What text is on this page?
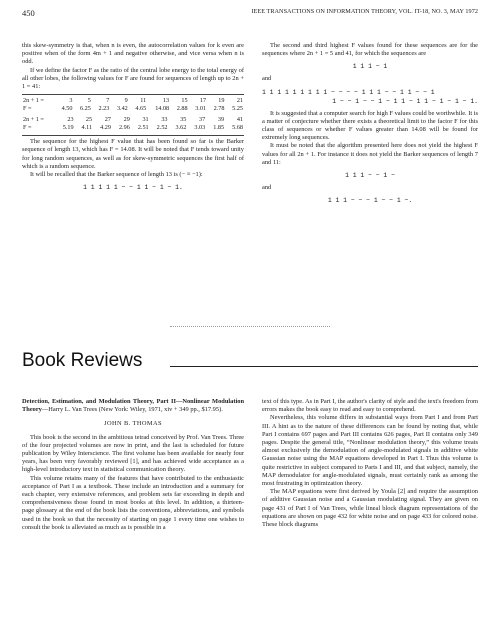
450	IEEE TRANSACTIONS ON INFORMATION THEORY, VOL. IT-18, NO. 3, MAY 1972

this skew-symmetry is that, when n is even, the autocorrelation values for k even are positive when of the form 4m + 1 and negative otherwise, and vice versa when n is odd.

If we define the factor F as the ratio of the central lobe energy to the total energy of all other lobes, the following values for F are found for sequences of length up to 2n + 1 = 41:

2n + 1 =	3	5	7	9	11	13	15	17	19	21
F =	4.50	6.25	2.23	3.42	4.65	14.08	2.88	3.01	2.78	5.25
2n + 1 =	23	25	27	29	31	33	35	37	39	41
F =	5.19	4.11	4.29	2.96	2.51	2.52	3.62	3.03	1.85	5.68

The sequence for the highest F value that has been found so far is the Barker sequence of length 13, which has F = 14.08. It will be noted that F tends toward unity for long random sequences, as well as for skew-symmetric sequences the first half of which is a random sequence.

It will be recalled that the Barker sequence of length 13 is (− ≡ −1):

1 1 1 1 1 − − 1 1 − 1 − 1.

The second and third highest F values found for these sequences are for the sequences where 2n + 1 = 5 and 41, for which the sequences are

1 1 1 − 1

and

1 1 1 1 1 1 1 1 1 − − − − 1 1 1 − − 1 1 − − 1
1 − − 1 − − 1 − 1 1 − 1 1 − 1 − 1 − 1.

It is suggested that a computer search for high F values could be worthwhile. It is a matter of conjecture whether there exists a theoretical limit to the factor F for this class of sequences or whether F values greater than 14.08 will be found for extremely long sequences.

It must be noted that the algorithm presented here does not yield the highest F values for all 2n + 1. For instance it does not yield the Barker sequences of length 7 and 11:

1 1 1 − − 1 −

and

1 1 1 − − − 1 − − 1 −.
Book Reviews

Detection, Estimation, and Modulation Theory, Part II—Nonlinear Modulation Theory—Harry L. Van Trees (New York: Wiley, 1971, xiv + 349 pp., $17.95).

JOHN B. THOMAS

This book is the second in the ambitious tetrad conceived by Prof. Van Trees. Three of the four projected volumes are now in print, and the last is scheduled for future publication by Wiley Interscience. The first volume has been available for nearly four years, has been very favorably reviewed [1], and has achieved wide acceptance as a high-level introductory text in statistical communication theory.

This volume retains many of the features that have contributed to the enthusiastic acceptance of Part I as a textbook. These include an introduction and a summary for each chapter, very extensive references, and problem sets far exceeding in depth and comprehensiveness those found in most books at this level. In addition, a thirteen-page glossary at the end of the book lists the conventions, abbreviations, and symbols used in the book so that the necessity of starting on page 1 every time one wishes to consult the book is alleviated as much as is possible in a

text of this type. As in Part I, the author's clarity of style and the text's freedom from errors makes the book easy to read and easy to comprehend.

Nevertheless, this volume differs in substantial ways from Part I and from Part III. A hint as to the nature of these differences can be found by noting that, while Part I contains 697 pages and Part III contains 626 pages, Part II contains only 349 pages. Despite the general title, “Nonlinear modulation theory,” this volume treats almost exclusively the demodulation of angle-modulated signals in additive white Gaussian noise using the MAP equations developed in Part I. Thus this volume is quite restrictive in subject compared to Parts I and III, and that subject, namely, the MAP demodulator for angle-modulated signals, must certainly rank as among the most frustrating in optimization theory.

The MAP equations were first derived by Youla [2] and require the assumption of additive Gaussian noise and a Gaussian modulating signal. They are given on page 431 of Part I of Van Trees, while lineal block diagram representations of the equations are shown on page 432 for white noise and on page 433 for colored noise. These block diagrams
